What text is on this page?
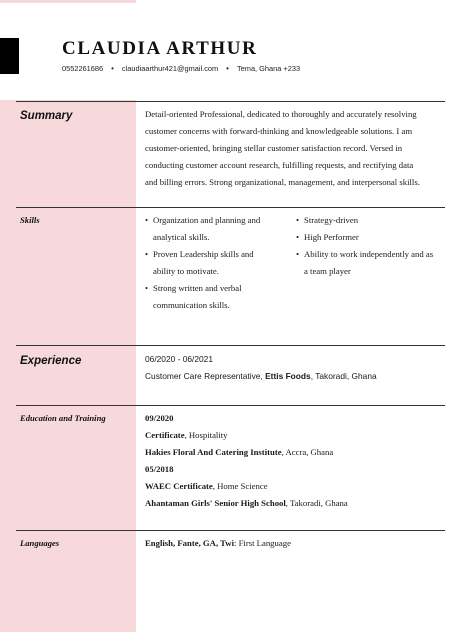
CLAUDIA ARTHUR
0552261686 • claudiaarthur421@gmail.com • Tema, Ghana +233
Summary	Detail-oriented Professional, dedicated to thoroughly and accurately resolving
customer concerns with forward-thinking and knowledgeable solutions. I am
customer-oriented, bringing stellar customer satisfaction record. Versed in
conducting customer account research, fulfilling requests, and rectifying data
and billing errors. Strong organizational, management, and interpersonal skills.
Skills
•	Organization and planning and
analytical skills.
• Proven Leadership skills and
ability to motivate.
• Strong written and verbal
communication skills.
• Strategy-driven
• High Performer
• Ability to work independently and as
a team player
Experience	06/2020 - 06/2021
Customer Care Representative, Ettis Foods, Takoradi, Ghana
Education and Training	09/2020
Certificate, Hospitality
Hakies Floral And Catering Institute, Accra, Ghana
05/2018
WAEC Certificate, Home Science
Ahantaman Girls' Senior High School, Takoradi, Ghana
Languages	English, Fante, GA, Twi: First Language
